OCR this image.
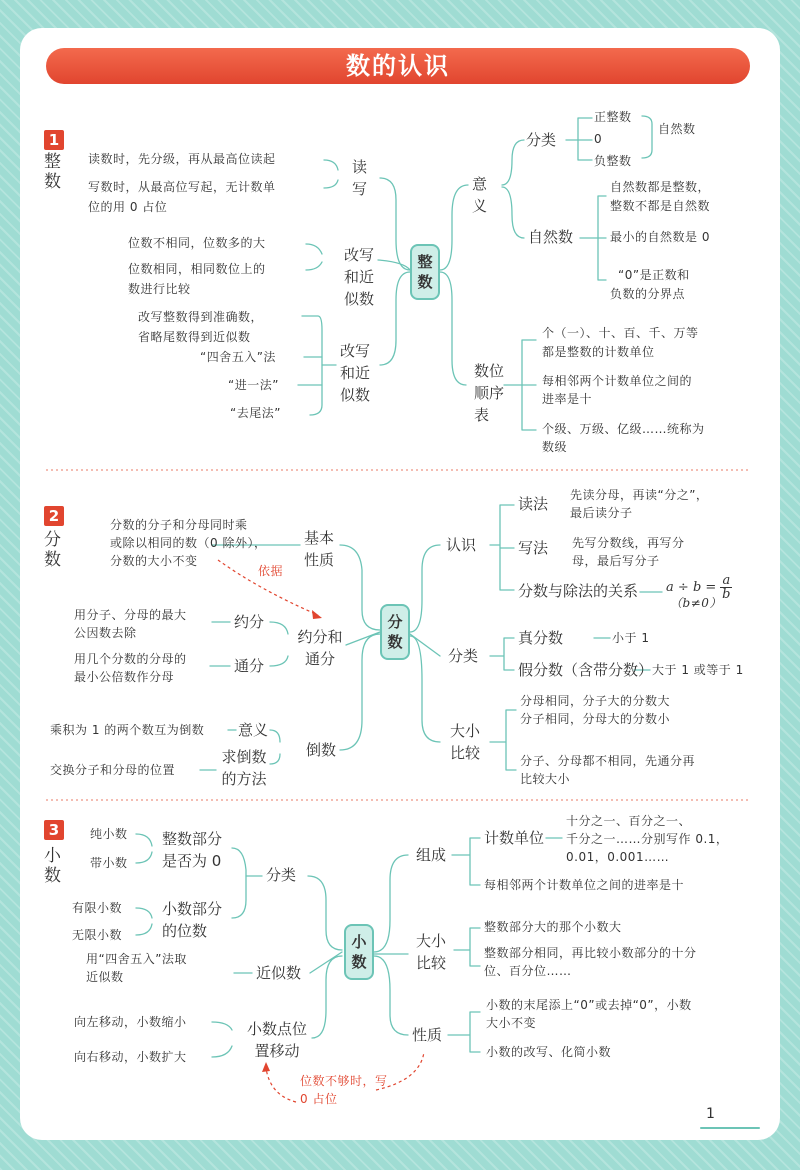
数的认识
1
整数
整数
读数时，先分级，再从最高位读起
写数时，从最高位写起，无计数单
位的用 0 占位
读写
位数不相同，位数多的大
位数相同，相同数位上的
数进行比较
改写和近似数
改写整数得到准确数，
省略尾数得到近似数
“四舍五入”法
“进一法”
“去尾法”
改写和近似数
意义
分类
正整数
0
负整数
自然数
自然数
自然数都是整数，
整数不都是自然数
最小的自然数是 0
“0”是正数和
负数的分界点
数位顺序表
个（一）、十、百、千、万等
都是整数的计数单位
每相邻两个计数单位之间的
进率是十
个级、万级、亿级……统称为
数级
2
分数
分数
分数的分子和分母同时乘
或除以相同的数（0 除外），
分数的大小不变
基本性质
依据
用分子、分母的最大
公因数去除
约分
用几个分数的分母的
最小公倍数作分母
通分
约分和通分
乘积为 1 的两个数互为倒数 意义
交换分子和分母的位置
求倒数的方法
倒数
认识
读法 先读分母，再读“分之”，
最后读分子
写法 先写分数线，再写分
母，最后写分子
分数与除法的关系 $a \div b = \frac{a}{b}$
（b≠0）
分类
真分数	小于 1
假分数（含带分数）
大于 1 或等于 1
大小比较
分母相同，分子大的分数大
分子相同，分母大的分数小
分子、分母都不相同，先通分再
比较大小
3
小数
小数
纯小数
带小数
整数部分是否为 0
有限小数
无限小数
小数部分的位数
分类
用“四舍五入”法取
近似数	近似数
向左移动，小数缩小
向右移动，小数扩大
小数点位置移动
位数不够时，写 0 占位
组成
计数单位
十分之一、百分之一、
千分之一……分别写作 0.1，
0.01，0.001……
每相邻两个计数单位之间的进率是十
大小比较
整数部分大的那个小数大
整数部分相同，再比较小数部分的十分
位、百分位……
性质
小数的末尾添上“0”或去掉“0”，小数
大小不变
小数的改写、化简小数
1
